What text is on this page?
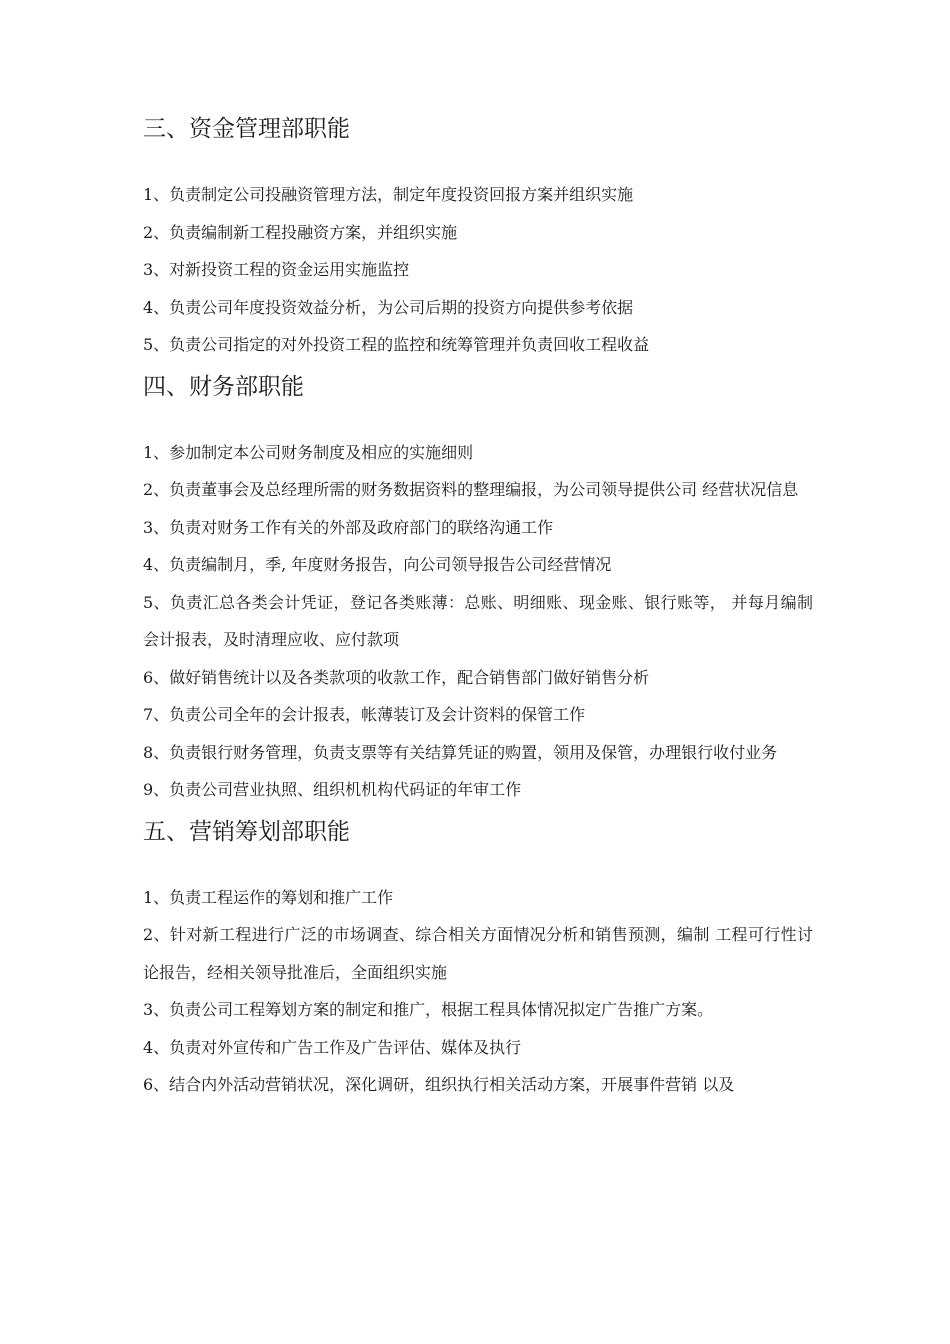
三、资金管理部职能
1、负责制定公司投融资管理方法，制定年度投资回报方案并组织实施
2、负责编制新工程投融资方案，并组织实施
3、对新投资工程的资金运用实施监控
4、负责公司年度投资效益分析，为公司后期的投资方向提供参考依据
5、负责公司指定的对外投资工程的监控和统筹管理并负责回收工程收益
四、财务部职能
1、参加制定本公司财务制度及相应的实施细则
2、负责董事会及总经理所需的财务数据资料的整理编报，为公司领导提供公司 经营状况信息
3、负责对财务工作有关的外部及政府部门的联络沟通工作
4、负责编制月，季, 年度财务报告，向公司领导报告公司经营情况
5、负责汇总各类会计凭证，登记各类账薄：总账、明细账、现金账、银行账等， 并每月编制会计报表，及时清理应收、应付款项
6、做好销售统计以及各类款项的收款工作，配合销售部门做好销售分析
7、负责公司全年的会计报表，帐薄装订及会计资料的保管工作
8、负责银行财务管理，负责支票等有关结算凭证的购置，领用及保管，办理银行收付业务
9、负责公司营业执照、组织机机构代码证的年审工作
五、营销筹划部职能
1、负责工程运作的筹划和推广工作
2、针对新工程进行广泛的市场调查、综合相关方面情况分析和销售预测，编制 工程可行性讨论报告，经相关领导批准后，全面组织实施
3、负责公司工程筹划方案的制定和推广，根据工程具体情况拟定广告推广方案。
4、负责对外宣传和广告工作及广告评估、媒体及执行
6、结合内外活动营销状况，深化调研，组织执行相关活动方案，开展事件营销 以及
